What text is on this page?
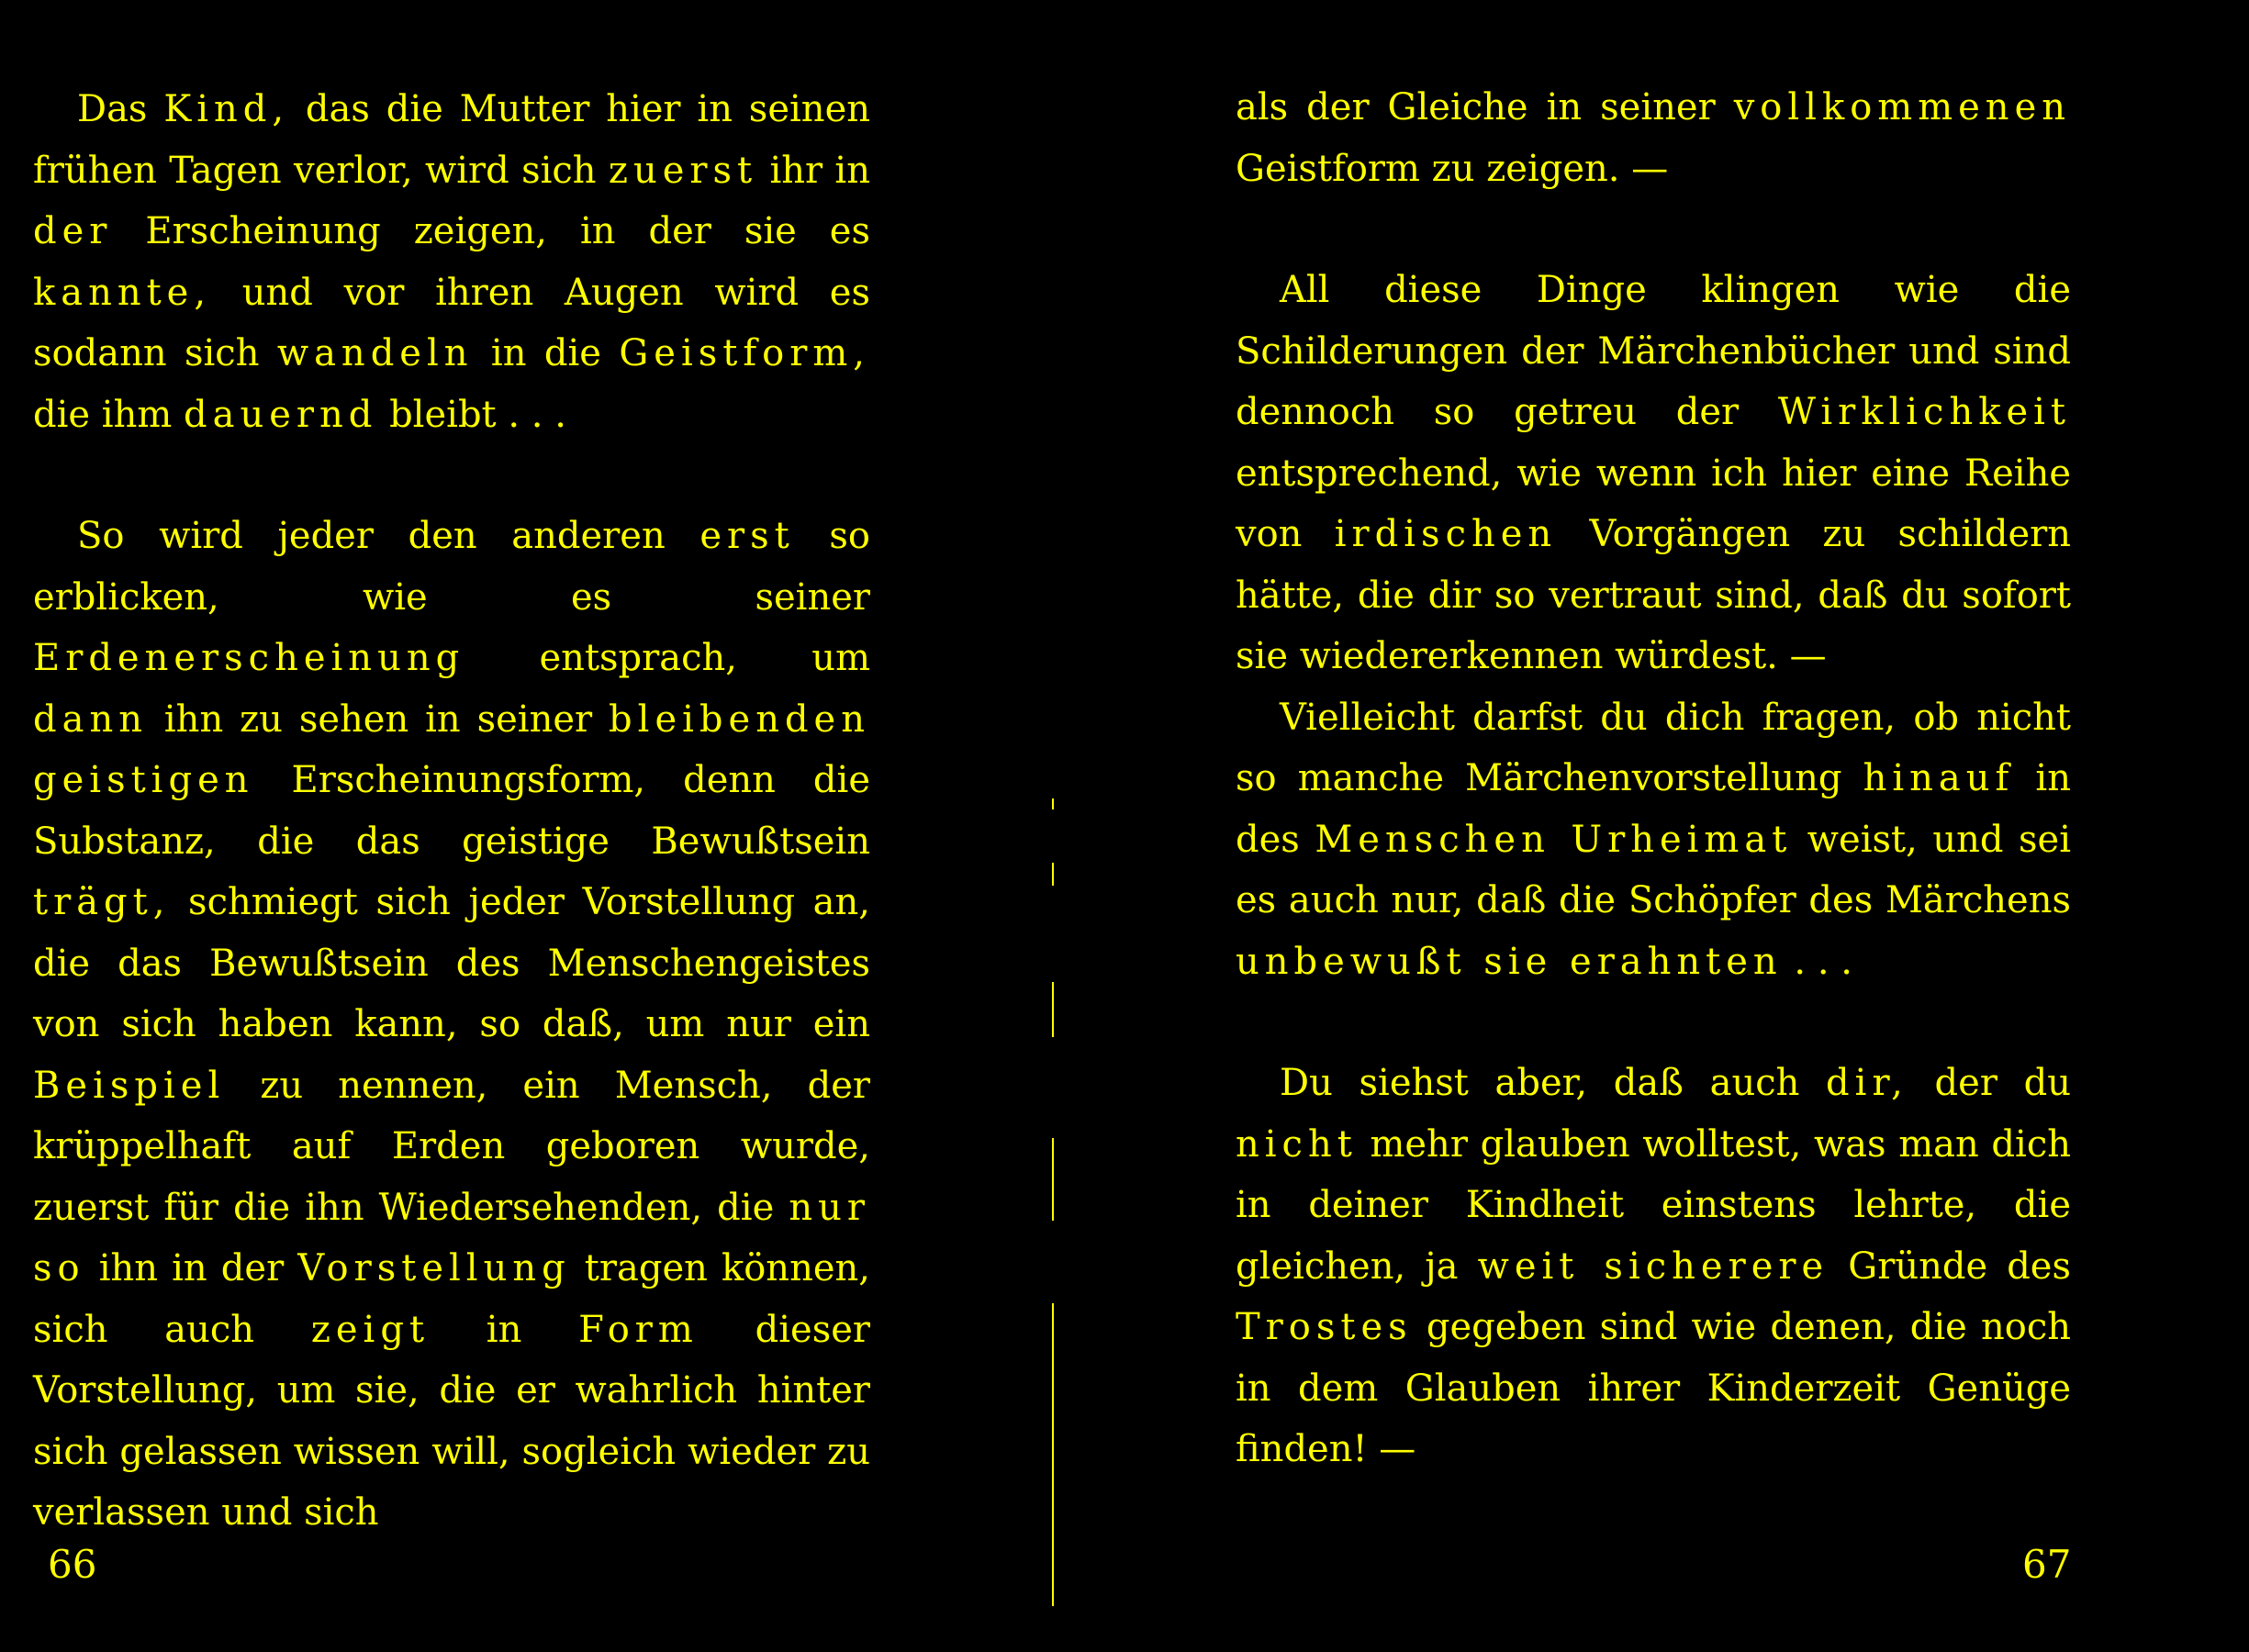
Das Kind, das die Mutter hier in seinen frühen Tagen verlor, wird sich zuerst ihr in der Erscheinung zeigen, in der sie es kannte, und vor ihren Augen wird es sodann sich wandeln in die Geistform, die ihm dauernd bleibt . . .

So wird jeder den anderen erst so erblicken, wie es seiner Erdenerscheinung entsprach, um dann ihn zu sehen in seiner bleibenden geistigen Erscheinungsform, denn die Substanz, die das geistige Bewußtsein trägt, schmiegt sich jeder Vorstellung an, die das Bewußtsein des Menschengeistes von sich haben kann, so daß, um nur ein Beispiel zu nennen, ein Mensch, der krüppelhaft auf Erden geboren wurde, zuerst für die ihn Wiedersehenden, die nur so ihn in der Vorstellung tragen können, sich auch zeigt in Form dieser Vorstellung, um sie, die er wahrlich hinter sich gelassen wissen will, sogleich wieder zu verlassen und sich

66

als der Gleiche in seiner vollkommenen Geistform zu zeigen. —

All diese Dinge klingen wie die Schilderungen der Märchenbücher und sind dennoch so getreu der Wirklichkeit entsprechend, wie wenn ich hier eine Reihe von irdischen Vorgängen zu schildern hätte, die dir so vertraut sind, daß du sofort sie wiedererkennen würdest. —

Vielleicht darfst du dich fragen, ob nicht so manche Märchenvorstellung hinauf in des Menschen Urheimat weist, und sei es auch nur, daß die Schöpfer des Märchens unbewußt sie erahnten . . .

Du siehst aber, daß auch dir, der du nicht mehr glauben wolltest, was man dich in deiner Kindheit einstens lehrte, die gleichen, ja weit sicherere Gründe des Trostes gegeben sind wie denen, die noch in dem Glauben ihrer Kinderzeit Genüge finden! —

67
